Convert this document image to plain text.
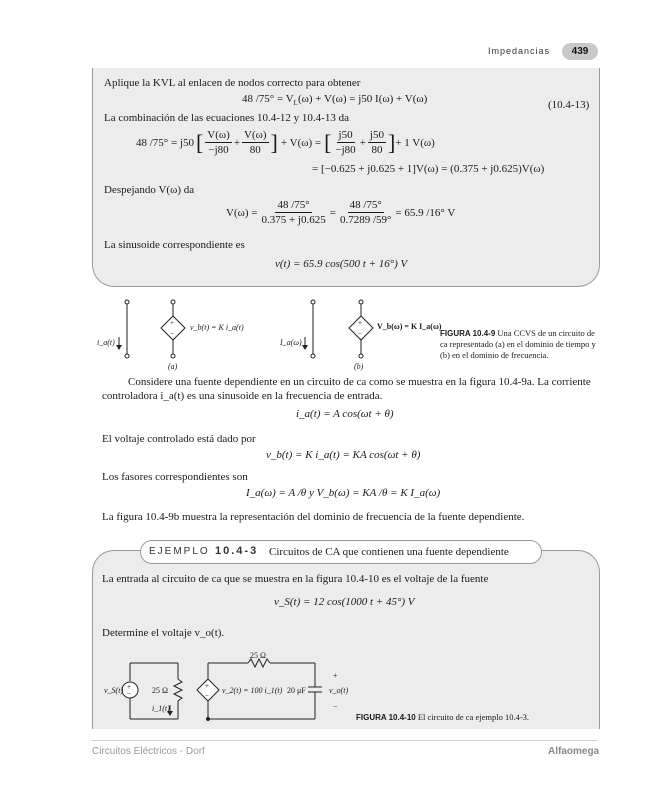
Impedancias	439
Aplique la KVL al enlacen de nodos correcto para obtener
48 $/75^\circ = V_L(\omega) + V(\omega) = j50$ I(ω) + V(ω)	(10.4-13)
La combinación de las ecuaciones 10.4-12 y 10.4-13 da
48 /75° = j50 [ $\frac{V(\omega)}{-j80} + \frac{V(\omega)}{80}$ ] + V(ω) = [ $\frac{j50}{-j80} + \frac{j50}{80}$ ] + 1 V(ω)
= [−0.625 + j0.625 + 1]V(ω) = (0.375 + j0.625)V(ω)
Despejando V(ω) da
$V(\omega) = \frac{48 /75^\circ}{0.375 + j0.625} = \frac{48 /75^\circ}{0.7289 /59^\circ} = 65.9$ /16° V
La sinusoide correspondiente es
v(t) = 65.9 cos(500 t + 16°) V
+
−
+
−
i_a(t)
v_b(t) = K i_a(t)
(a)
I_a(ω)
V_b(ω) = K I_a(ω)
(b)
FIGURA 10.4-9 Una CCVS de un circuito de ca representado (a) en el dominio de tiempo y (b) en el dominio de frecuencia.
Considere una fuente dependiente en un circuito de ca como se muestra en la figura 10.4-9a. La corriente controladora i_a(t) es una sinusoide en la frecuencia de entrada.
i_a(t) = A cos(ωt + θ)
El voltaje controlado está dado por
v_b(t) = K i_a(t) = KA cos(ωt + θ)
Los fasores correspondientes son
I_a(ω) = A /θ y V_b(ω) = KA /θ = K I_a(ω)
La figura 10.4-9b muestra la representación del dominio de frecuencia de la fuente dependiente.
EJEMPLO 10.4-3 Circuitos de CA que contienen una fuente dependiente
La entrada al circuito de ca que se muestra en la figura 10.4-10 es el voltaje de la fuente
v_S(t) = 12 cos(1000 t + 45°) V
Determine el voltaje v_o(t).
+
−
+
−
25 Ω
v_S(t)	25 Ω
i_1(t)
v_2(t) = 100 i_1(t) 20 μF
+
v_o(t)
−
FIGURA 10.4-10 El circuito de ca ejemplo 10.4-3.
Circuitos Eléctricos - Dorf	Alfaomega
